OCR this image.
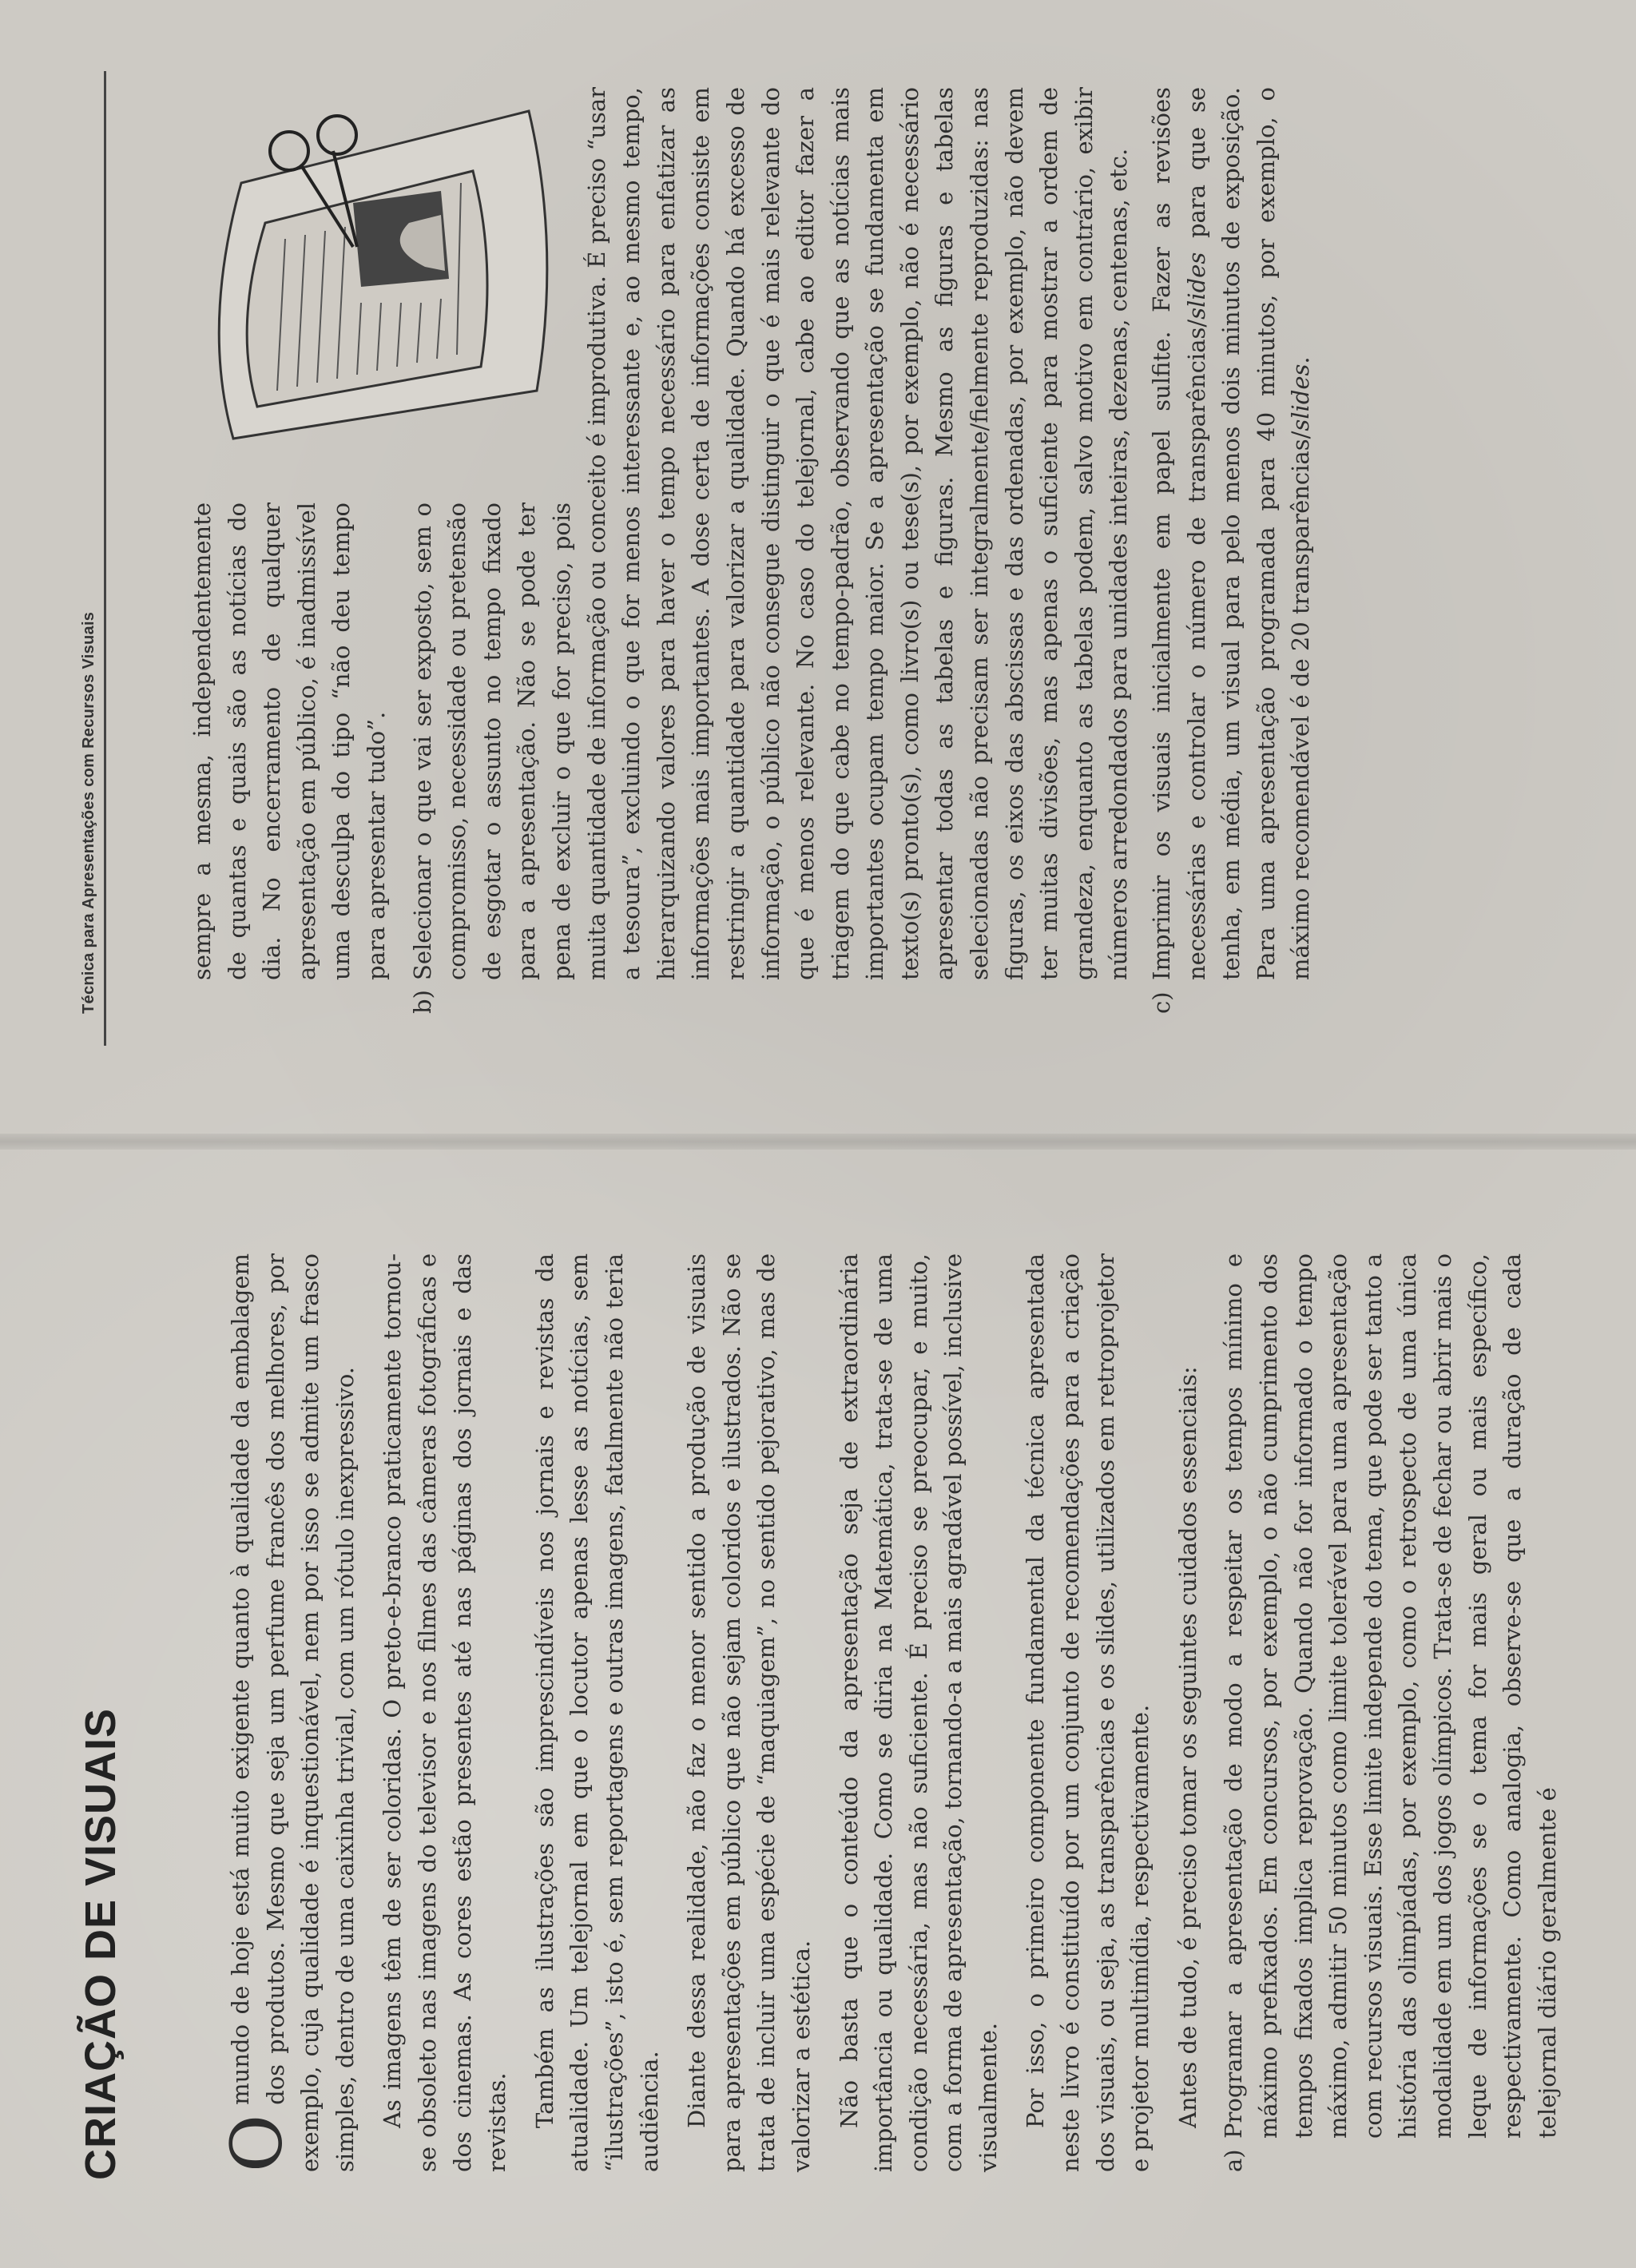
CRIAÇÃO DE VISUAIS O
mundo de hoje está muito exigente quanto à qualidade da embalagem dos produtos. Mesmo que seja um perfume francês dos melhores, por exemplo, cuja qualidade é inquestionável, nem por isso se admite um frasco simples, dentro de uma caixinha trivial, com um rótulo inexpressivo. As imagens têm de ser coloridas. O preto-e-branco praticamente tornou-se obsoleto nas imagens do televisor e nos filmes das câmeras fotográficas e dos cinemas. As cores estão presentes até nas páginas dos jornais e das revistas. Também as ilustrações são imprescindíveis nos jornais e revistas da atualidade. Um telejornal em que o locutor apenas lesse as notícias, sem “ilustrações”, isto é, sem reportagens e outras imagens, fatalmente não teria audiência. Diante dessa realidade, não faz o menor sentido a produção de visuais para apresentações em público que não sejam coloridos e ilustrados. Não se trata de incluir uma espécie de “maquiagem”, no sentido pejorativo, mas de valorizar a estética. Não basta que o conteúdo da apresentação seja de extraordinária importância ou qualidade. Como se diria na Matemática, trata-se de uma condição necessária, mas não suficiente. É preciso se preocupar, e muito, com a forma de apresentação, tornando-a a mais agradável possível, inclusive visualmente. Por isso, o primeiro componente fundamental da técnica apresentada neste livro é constituído por um conjunto de recomendações para a criação dos visuais, ou seja, as transparências e os slides, utilizados em retroprojetor e projetor multimídia, respectivamente. Antes de tudo, é preciso tomar os seguintes cuidados essenciais:

a)
Programar a apresentação de modo a respeitar os tempos mínimo e máximo prefixados. Em concursos, por exemplo, o não cumprimento dos tempos fixados implica reprovação. Quando não for informado o tempo máximo, admitir 50 minutos como limite tolerável para uma apresentação com recursos visuais. Esse limite independe do tema, que pode ser tanto a história das olimpíadas, por exemplo, como o retrospecto de uma única modalidade em um dos jogos olímpicos. Trata-se de fechar ou abrir mais o leque de informações se o tema for mais geral ou mais específico, respectivamente. Como analogia, observe-se que a duração de cada telejornal diário geralmente é
Técnica para Apresentações com Recursos Visuais	sempre a mesma, independentemente de quantas e quais são as notícias do dia. No encerramento de qualquer apresentação em público, é inadmissível uma desculpa do tipo “não deu tempo para apresentar tudo”.

b)
Selecionar o que vai ser exposto, sem o compromisso, necessidade ou pretensão de esgotar o assunto no tempo fixado para a apresentação. Não se pode ter pena de excluir o que for preciso, pois muita quantidade de informação ou conceito é improdutiva. É preciso “usar a tesoura”, excluindo o que for menos interessante e, ao mesmo tempo, hierarquizando valores para haver o tempo necessário para enfatizar as informações mais importantes. A dose certa de informações consiste em restringir a quantidade para valorizar a qualidade. Quando há excesso de informação, o público não consegue distinguir o que é mais relevante do que é menos relevante. No caso do telejornal, cabe ao editor fazer a triagem do que cabe no tempo-padrão, observando que as notícias mais importantes ocupam tempo maior. Se a apresentação se fundamenta em texto(s) pronto(s), como livro(s) ou tese(s), por exemplo, não é necessário apresentar todas as tabelas e figuras. Mesmo as figuras e tabelas selecionadas não precisam ser integralmente/fielmente reproduzidas: nas figuras, os eixos das abscissas e das ordenadas, por exemplo, não devem ter muitas divisões, mas apenas o suficiente para mostrar a ordem de grandeza, enquanto as tabelas podem, salvo motivo em contrário, exibir números arredondados para unidades inteiras, dezenas, centenas, etc.
c)
Imprimir os visuais inicialmente em papel sulfite. Fazer as revisões necessárias e controlar o número de transparências/slides para que se tenha, em média, um visual para pelo menos dois minutos de exposição. Para uma apresentação programada para 40 minutos, por exemplo, o máximo recomendável é de 20 transparências/slides.
